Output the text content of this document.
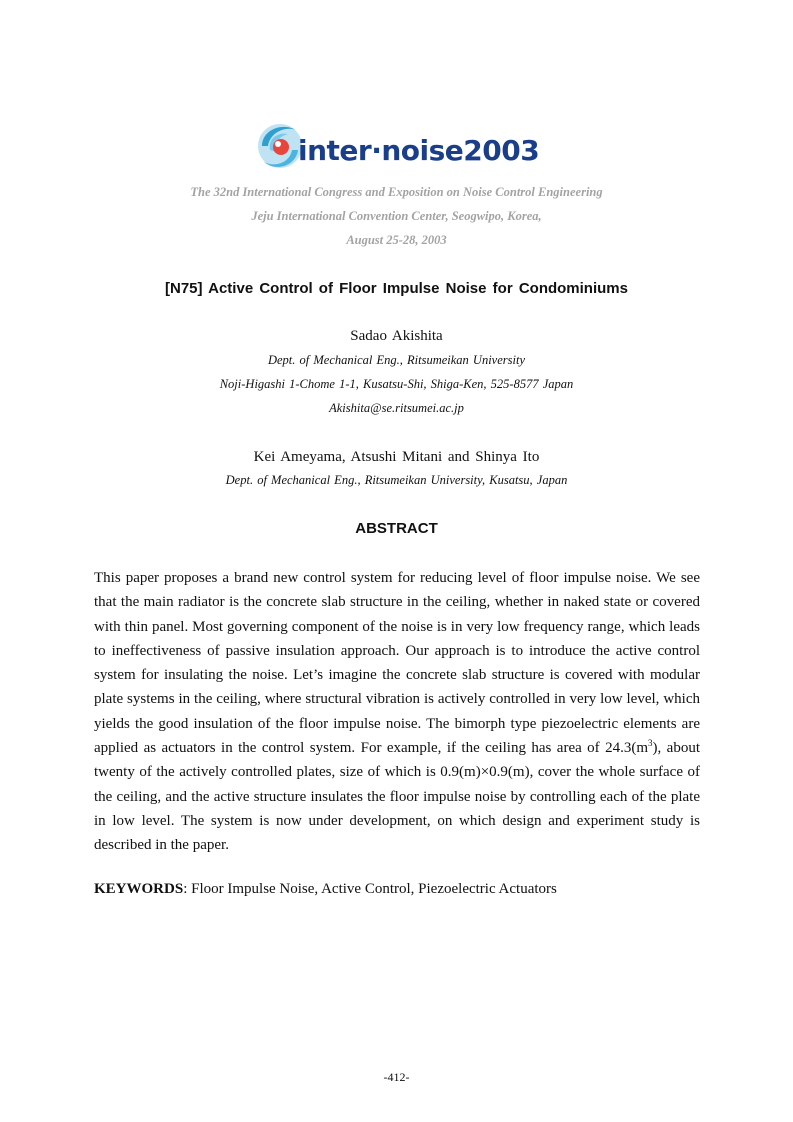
inter·noise2003
The 32nd International Congress and Exposition on Noise Control Engineering
Jeju International Convention Center, Seogwipo, Korea,
August 25-28, 2003
[N75] Active Control of Floor Impulse Noise for Condominiums
Sadao Akishita
Dept. of Mechanical Eng., Ritsumeikan University
Noji-Higashi 1-Chome 1-1, Kusatsu-Shi, Shiga-Ken, 525-8577 Japan
Akishita@se.ritsumei.ac.jp
Kei Ameyama, Atsushi Mitani and Shinya Ito
Dept. of Mechanical Eng., Ritsumeikan University, Kusatsu, Japan
ABSTRACT

This paper proposes a brand new control system for reducing level of floor impulse noise. We see that the main radiator is the concrete slab structure in the ceiling, whether in naked state or covered with thin panel. Most governing component of the noise is in very low frequency range, which leads to ineffectiveness of passive insulation approach. Our approach is to introduce the active control system for insulating the noise. Let’s imagine the concrete slab structure is covered with modular plate systems in the ceiling, where structural vibration is actively controlled in very low level, which yields the good insulation of the floor impulse noise. The bimorph type piezoelectric elements are applied as actuators in the control system. For example, if the ceiling has area of $24.3(m^3)$, about twenty of the actively controlled plates, size of which is 0.9(m)×0.9(m), cover the whole surface of the ceiling, and the active structure insulates the floor impulse noise by controlling each of the plate in low level. The system is now under development, on which design and experiment study is described in the paper.

KEYWORDS: Floor Impulse Noise, Active Control, Piezoelectric Actuators
-412-
